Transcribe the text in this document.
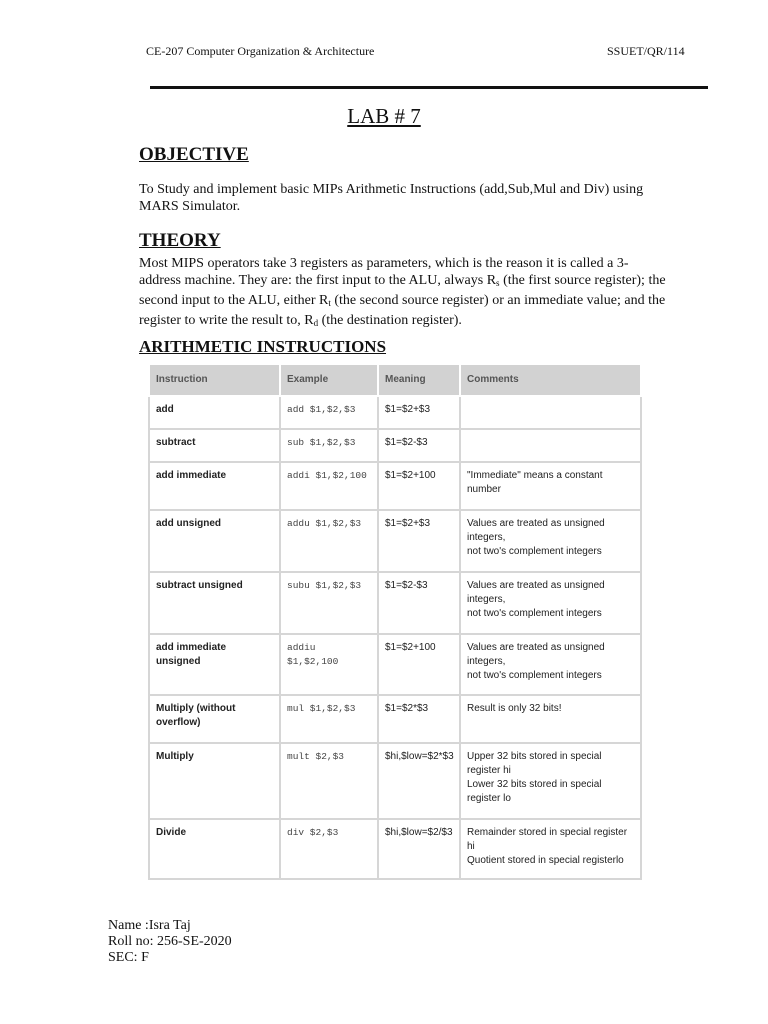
CE-207 Computer Organization & Architecture	SSUET/QR/114
LAB # 7
OBJECTIVE
To Study and implement basic MIPs Arithmetic Instructions (add,Sub,Mul and Div) using MARS Simulator.
THEORY
Most MIPS operators take 3 registers as parameters, which is the reason it is called a 3-address machine. They are: the first input to the ALU, always $R_s$ (the first source register); the second input to the ALU, either $R_t$ (the second source register) or an immediate value; and the register to write the result to, $R_d$ (the destination register).
ARITHMETIC INSTRUCTIONS
Instruction	Example	Meaning	Comments
add	add $1,$2,$3	$1=$2+$3	
subtract	sub $1,$2,$3	$1=$2-$3	
add immediate	addi $1,$2,100	$1=$2+100	"Immediate" means a constant number
add unsigned	addu $1,$2,$3	$1=$2+$3	Values are treated as unsigned integers,
not two's complement integers
subtract unsigned	subu $1,$2,$3	$1=$2-$3	Values are treated as unsigned integers,
not two's complement integers
add immediate unsigned	addiu $1,$2,100	$1=$2+100	Values are treated as unsigned integers,
not two's complement integers
Multiply (without overflow)	mul $1,$2,$3	$1=$2*$3	Result is only 32 bits!
Multiply	mult $2,$3	$hi,$low=$2*$3	Upper 32 bits stored in special register hi
Lower 32 bits stored in special register lo
Divide	div $2,$3	$hi,$low=$2/$3	Remainder stored in special register hi
Quotient stored in special registerlo
Name :Isra Taj
Roll no: 256-SE-2020
SEC: F
